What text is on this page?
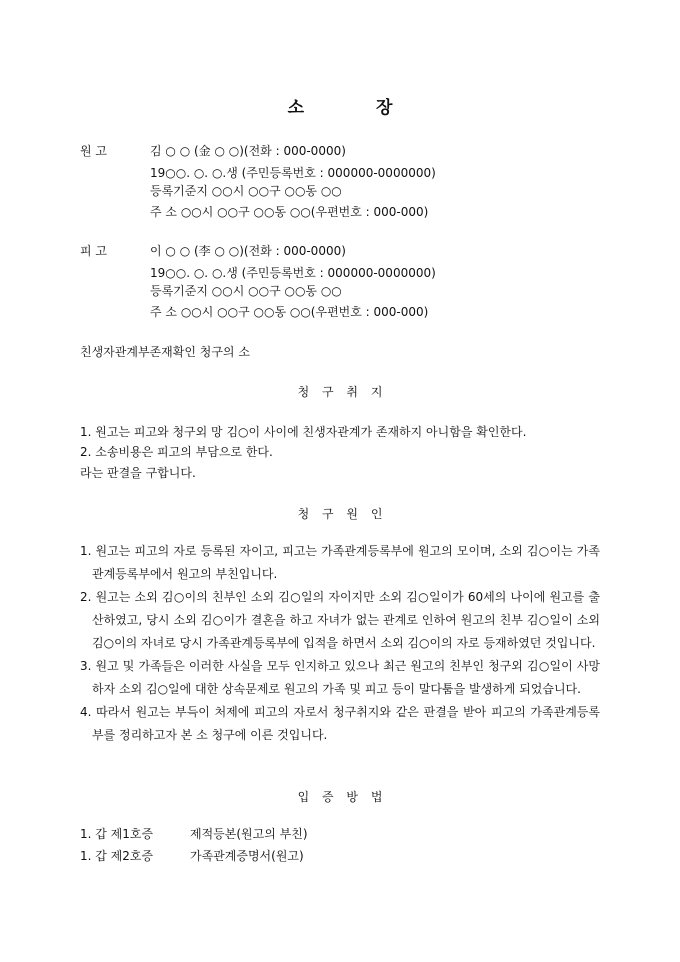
소	장
원 고	김 ○ ○ (金 ○ ○)(전화 : 000-0000)
19○○. ○. ○.생 (주민등록번호 : 000000-0000000)
등록기준지 ○○시 ○○구 ○○동 ○○
주 소 ○○시 ○○구 ○○동 ○○(우편번호 : 000-000)
피 고	이 ○ ○ (李 ○ ○)(전화 : 000-0000)
19○○. ○. ○.생 (주민등록번호 : 000000-0000000)
등록기준지 ○○시 ○○구 ○○동 ○○
주 소 ○○시 ○○구 ○○동 ○○(우편번호 : 000-000)
친생자관계부존재확인 청구의 소
청 구 취 지
1. 원고는 피고와 청구외 망 김○이 사이에 친생자관계가 존재하지 아니함을 확인한다.
2. 소송비용은 피고의 부담으로 한다.
라는 판결을 구합니다.
청 구 원 인
1. 원고는 피고의 자로 등록된 자이고, 피고는 가족관계등록부에 원고의 모이며, 소외 김○이는 가족관계등록부에서 원고의 부친입니다.
2. 원고는 소외 김○이의 친부인 소외 김○일의 자이지만 소외 김○일이가 60세의 나이에 원고를 출산하였고, 당시 소외 김○이가 결혼을 하고 자녀가 없는 관계로 인하여 원고의 친부 김○일이 소외 김○이의 자녀로 당시 가족관계등록부에 입적을 하면서 소외 김○이의 자로 등재하였던 것입니다.
3. 원고 및 가족들은 이러한 사실을 모두 인지하고 있으나 최근 원고의 친부인 청구외 김○일이 사망하자 소외 김○일에 대한 상속문제로 원고의 가족 및 피고 등이 말다툼을 발생하게 되었습니다.
4. 따라서 원고는 부득이 처제에 피고의 자로서 청구취지와 같은 판결을 받아 피고의 가족관계등록부를 정리하고자 본 소 청구에 이른 것입니다.
입 증 방 법
1. 갑 제1호증	제적등본(원고의 부친)
1. 갑 제2호증	가족관계증명서(원고)
